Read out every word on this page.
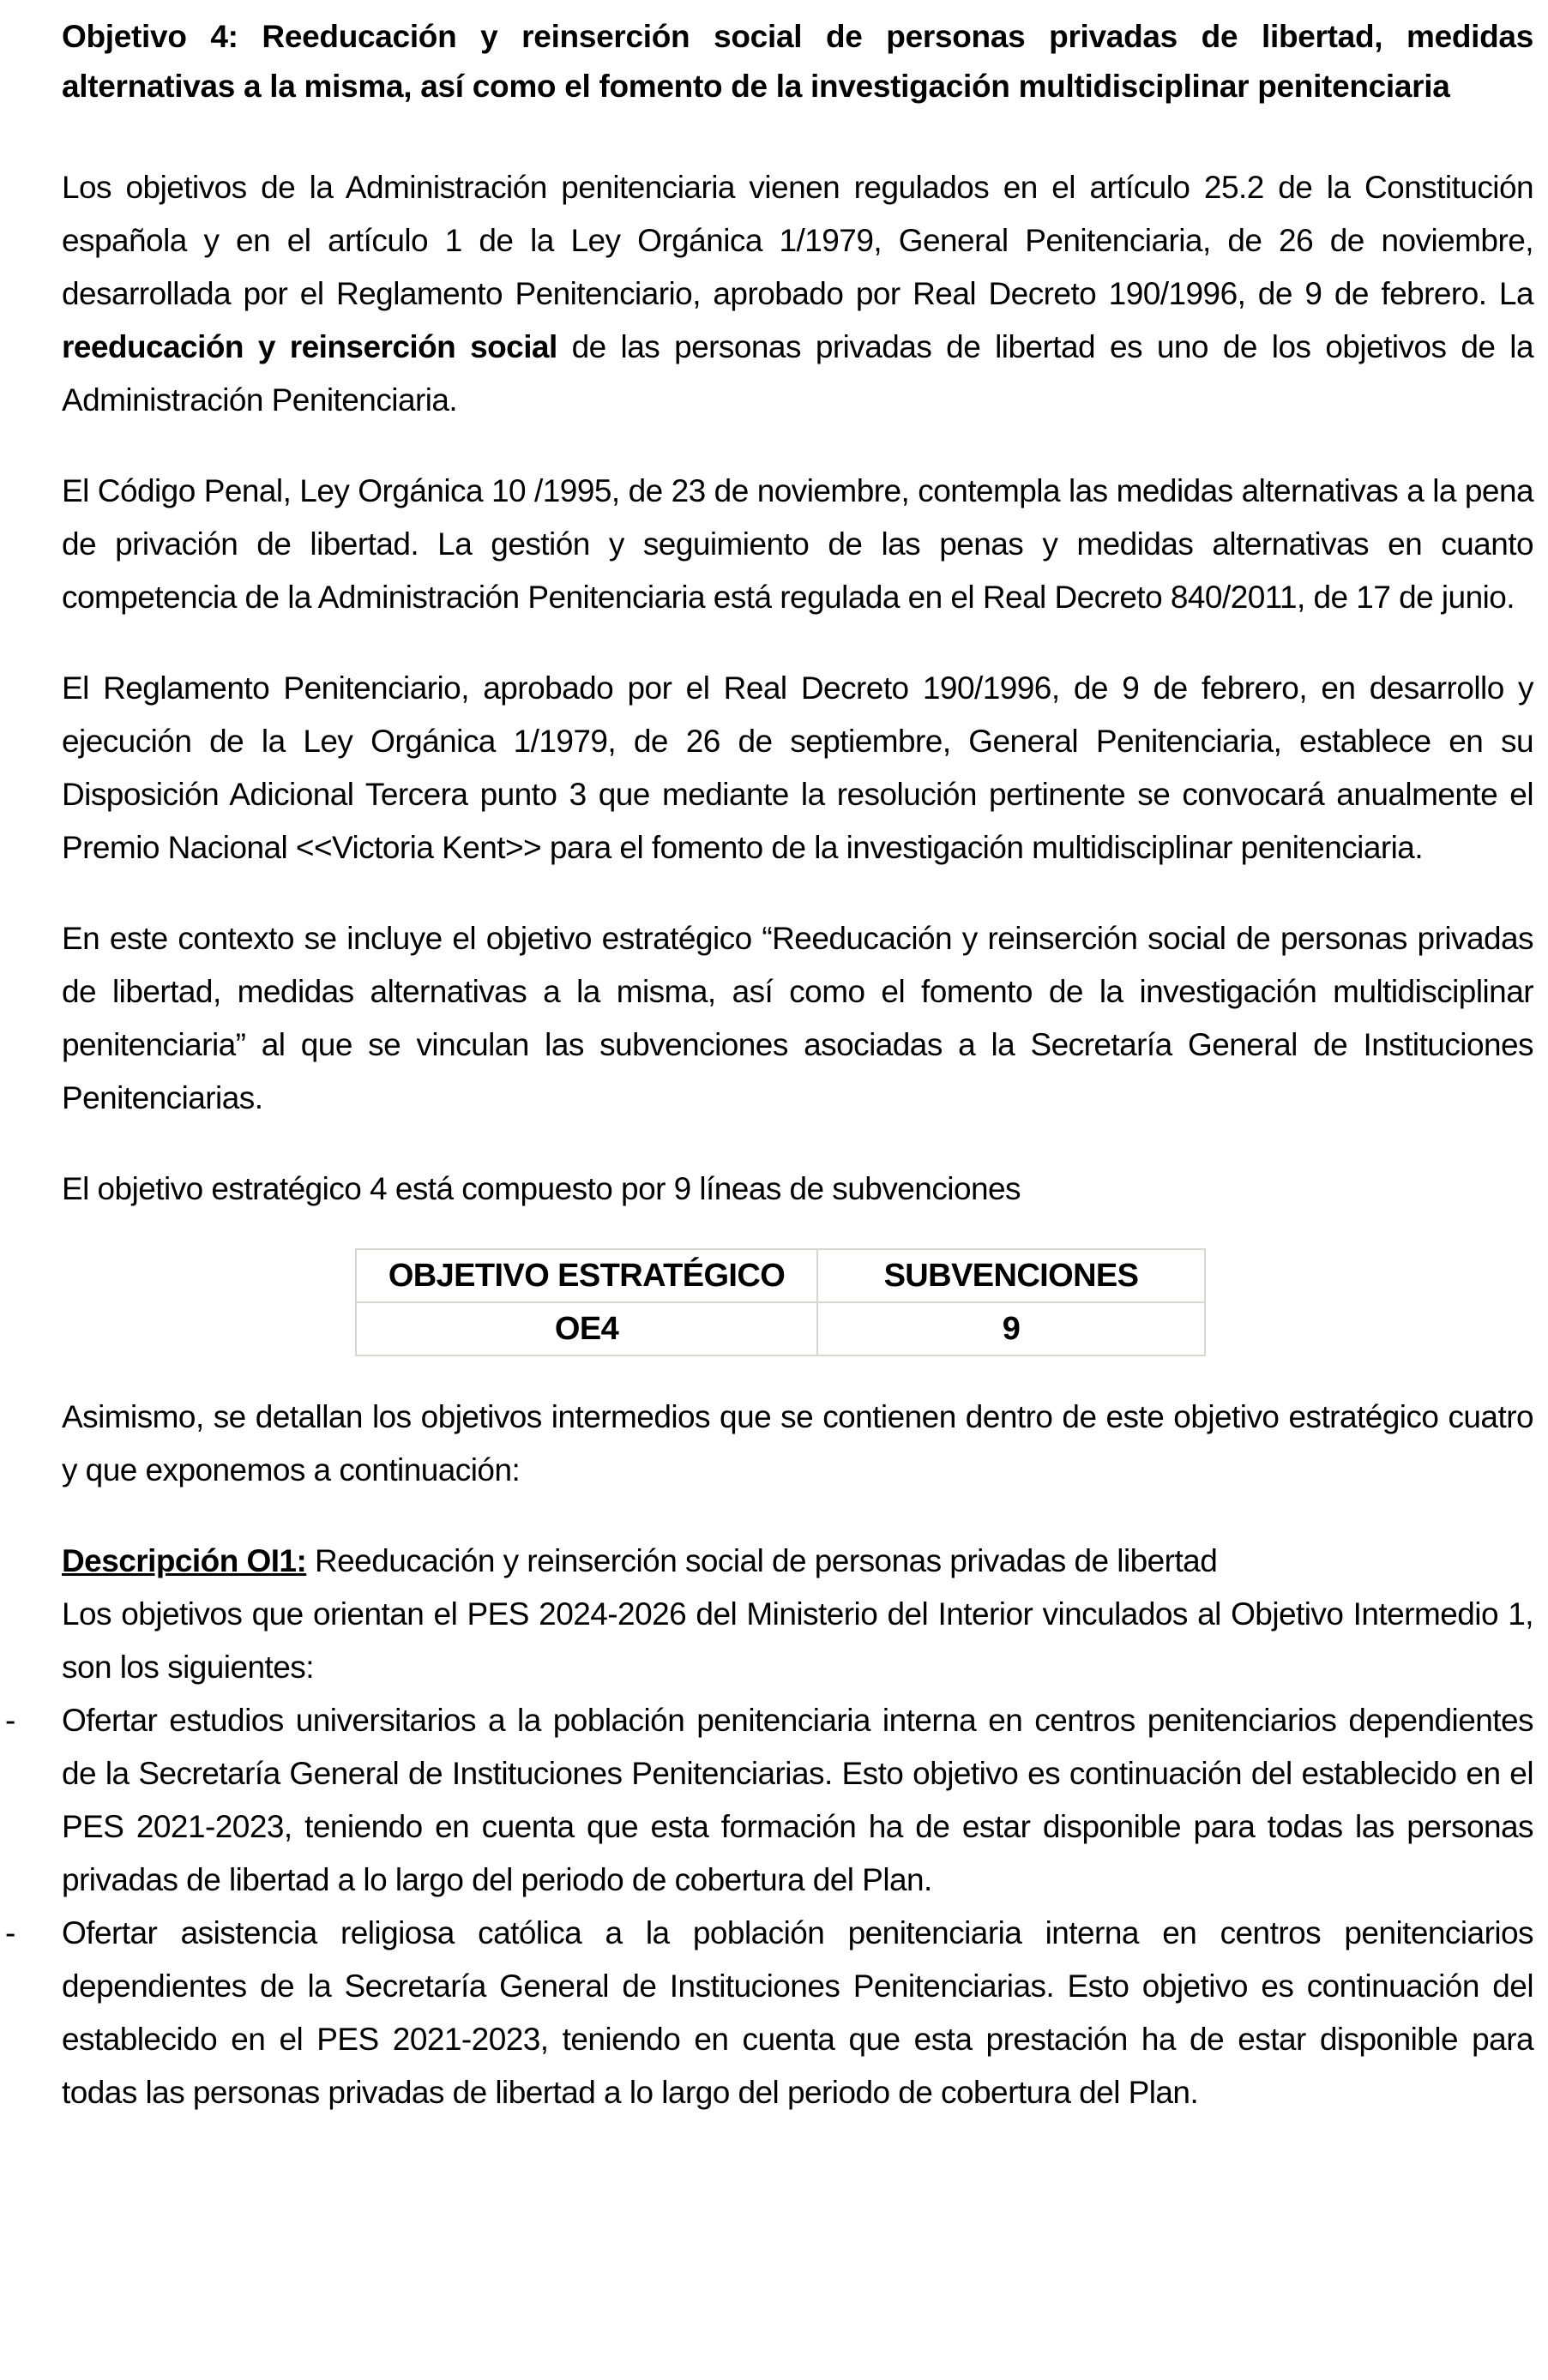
Objetivo 4: Reeducación y reinserción social de personas privadas de libertad, medidas alternativas a la misma, así como el fomento de la investigación multidisciplinar penitenciaria

Los objetivos de la Administración penitenciaria vienen regulados en el artículo 25.2 de la Constitución española y en el artículo 1 de la Ley Orgánica 1/1979, General Penitenciaria, de 26 de noviembre, desarrollada por el Reglamento Penitenciario, aprobado por Real Decreto 190/1996, de 9 de febrero. La reeducación y reinserción social de las personas privadas de libertad es uno de los objetivos de la Administración Penitenciaria.

El Código Penal, Ley Orgánica 10 /1995, de 23 de noviembre, contempla las medidas alternativas a la pena de privación de libertad. La gestión y seguimiento de las penas y medidas alternativas en cuanto competencia de la Administración Penitenciaria está regulada en el Real Decreto 840/2011, de 17 de junio.

El Reglamento Penitenciario, aprobado por el Real Decreto 190/1996, de 9 de febrero, en desarrollo y ejecución de la Ley Orgánica 1/1979, de 26 de septiembre, General Penitenciaria, establece en su Disposición Adicional Tercera punto 3 que mediante la resolución pertinente se convocará anualmente el Premio Nacional <<Victoria Kent>> para el fomento de la investigación multidisciplinar penitenciaria.

En este contexto se incluye el objetivo estratégico “Reeducación y reinserción social de personas privadas de libertad, medidas alternativas a la misma, así como el fomento de la investigación multidisciplinar penitenciaria” al que se vinculan las subvenciones asociadas a la Secretaría General de Instituciones Penitenciarias.

El objetivo estratégico 4 está compuesto por 9 líneas de subvenciones

OBJETIVO ESTRATÉGICO	SUBVENCIONES
OE4	9

Asimismo, se detallan los objetivos intermedios que se contienen dentro de este objetivo estratégico cuatro y que exponemos a continuación:

Descripción OI1: Reeducación y reinserción social de personas privadas de libertad

Los objetivos que orientan el PES 2024-2026 del Ministerio del Interior vinculados al Objetivo Intermedio 1, son los siguientes:

- Ofertar estudios universitarios a la población penitenciaria interna en centros penitenciarios dependientes de la Secretaría General de Instituciones Penitenciarias. Esto objetivo es continuación del establecido en el PES 2021-2023, teniendo en cuenta que esta formación ha de estar disponible para todas las personas privadas de libertad a lo largo del periodo de cobertura del Plan.
- Ofertar asistencia religiosa católica a la población penitenciaria interna en centros penitenciarios dependientes de la Secretaría General de Instituciones Penitenciarias. Esto objetivo es continuación del establecido en el PES 2021-2023, teniendo en cuenta que esta prestación ha de estar disponible para todas las personas privadas de libertad a lo largo del periodo de cobertura del Plan.
